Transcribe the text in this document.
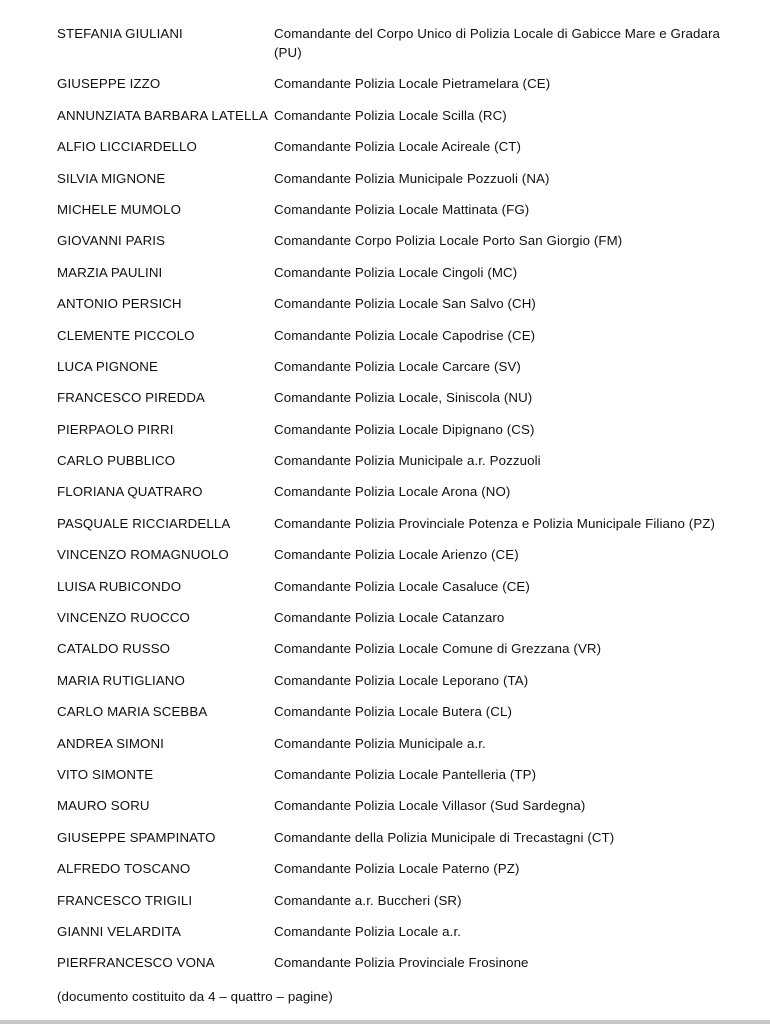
STEFANIA GIULIANI	Comandante del Corpo Unico di Polizia Locale di Gabicce Mare e Gradara (PU)
GIUSEPPE IZZO	Comandante Polizia Locale Pietramelara (CE)
ANNUNZIATA BARBARA LATELLA Comandante Polizia Locale Scilla (RC)
ALFIO LICCIARDELLO	Comandante Polizia Locale Acireale (CT)
SILVIA MIGNONE	Comandante Polizia Municipale Pozzuoli (NA)
MICHELE MUMOLO	Comandante Polizia Locale Mattinata (FG)
GIOVANNI PARIS	Comandante Corpo Polizia Locale Porto San Giorgio (FM)
MARZIA PAULINI	Comandante Polizia Locale Cingoli (MC)
ANTONIO PERSICH	Comandante Polizia Locale San Salvo (CH)
CLEMENTE PICCOLO	Comandante Polizia Locale Capodrise (CE)
LUCA PIGNONE	Comandante Polizia Locale Carcare (SV)
FRANCESCO PIREDDA	Comandante Polizia Locale, Siniscola (NU)
PIERPAOLO PIRRI	Comandante Polizia Locale Dipignano (CS)
CARLO PUBBLICO	Comandante Polizia Municipale a.r. Pozzuoli
FLORIANA QUATRARO	Comandante Polizia Locale Arona (NO)
PASQUALE RICCIARDELLA	Comandante Polizia Provinciale Potenza e Polizia Municipale Filiano (PZ)
VINCENZO ROMAGNUOLO	Comandante Polizia Locale Arienzo (CE)
LUISA RUBICONDO	Comandante Polizia Locale Casaluce (CE)
VINCENZO RUOCCO	Comandante Polizia Locale Catanzaro
CATALDO RUSSO	Comandante Polizia Locale Comune di Grezzana (VR)
MARIA RUTIGLIANO	Comandante Polizia Locale Leporano (TA)
CARLO MARIA SCEBBA	Comandante Polizia Locale Butera (CL)
ANDREA SIMONI	Comandante Polizia Municipale a.r.
VITO SIMONTE	Comandante Polizia Locale Pantelleria (TP)
MAURO SORU	Comandante Polizia Locale Villasor (Sud Sardegna)
GIUSEPPE SPAMPINATO	Comandante della Polizia Municipale di Trecastagni (CT)
ALFREDO TOSCANO	Comandante Polizia Locale Paterno (PZ)
FRANCESCO TRIGILI	Comandante a.r. Buccheri (SR)
GIANNI VELARDITA	Comandante Polizia Locale a.r.
PIERFRANCESCO VONA	Comandante Polizia Provinciale Frosinone
(documento costituito da 4 – quattro – pagine)
